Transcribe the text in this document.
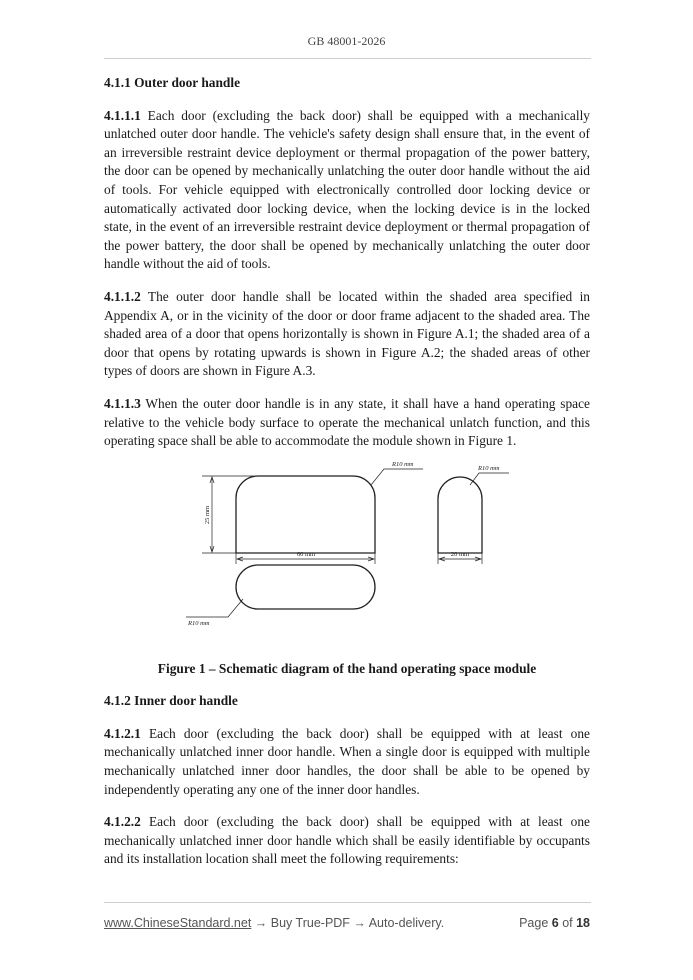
GB 48001-2026
4.1.1 Outer door handle

4.1.1.1 Each door (excluding the back door) shall be equipped with a mechanically unlatched outer door handle. The vehicle's safety design shall ensure that, in the event of an irreversible restraint device deployment or thermal propagation of the power battery, the door can be opened by mechanically unlatching the outer door handle without the aid of tools. For vehicle equipped with electronically controlled door locking device or automatically activated door locking device, when the locking device is in the locked state, in the event of an irreversible restraint device deployment or thermal propagation of the power battery, the door shall be opened by mechanically unlatching the outer door handle without the aid of tools.

4.1.1.2 The outer door handle shall be located within the shaded area specified in Appendix A, or in the vicinity of the door or door frame adjacent to the shaded area. The shaded area of a door that opens horizontally is shown in Figure A.1; the shaded area of a door that opens by rotating upwards is shown in Figure A.2; the shaded areas of other types of doors are shown in Figure A.3.

4.1.1.3 When the outer door handle is in any state, it shall have a hand operating space relative to the vehicle body surface to operate the mechanical unlatch function, and this operating space shall be able to accommodate the module shown in Figure 1.

R10 mm
R10 mm
25 mm
60 mm	20 mm
R10 mm
Figure 1 – Schematic diagram of the hand operating space module
4.1.2 Inner door handle

4.1.2.1 Each door (excluding the back door) shall be equipped with at least one mechanically unlatched inner door handle. When a single door is equipped with multiple mechanically unlatched inner door handles, the door shall be able to be opened by independently operating any one of the inner door handles.

4.1.2.2 Each door (excluding the back door) shall be equipped with at least one mechanically unlatched inner door handle which shall be easily identifiable by occupants and its installation location shall meet the following requirements:

www.ChineseStandard.net → Buy True-PDF → Auto-delivery.	Page 6 of 18
